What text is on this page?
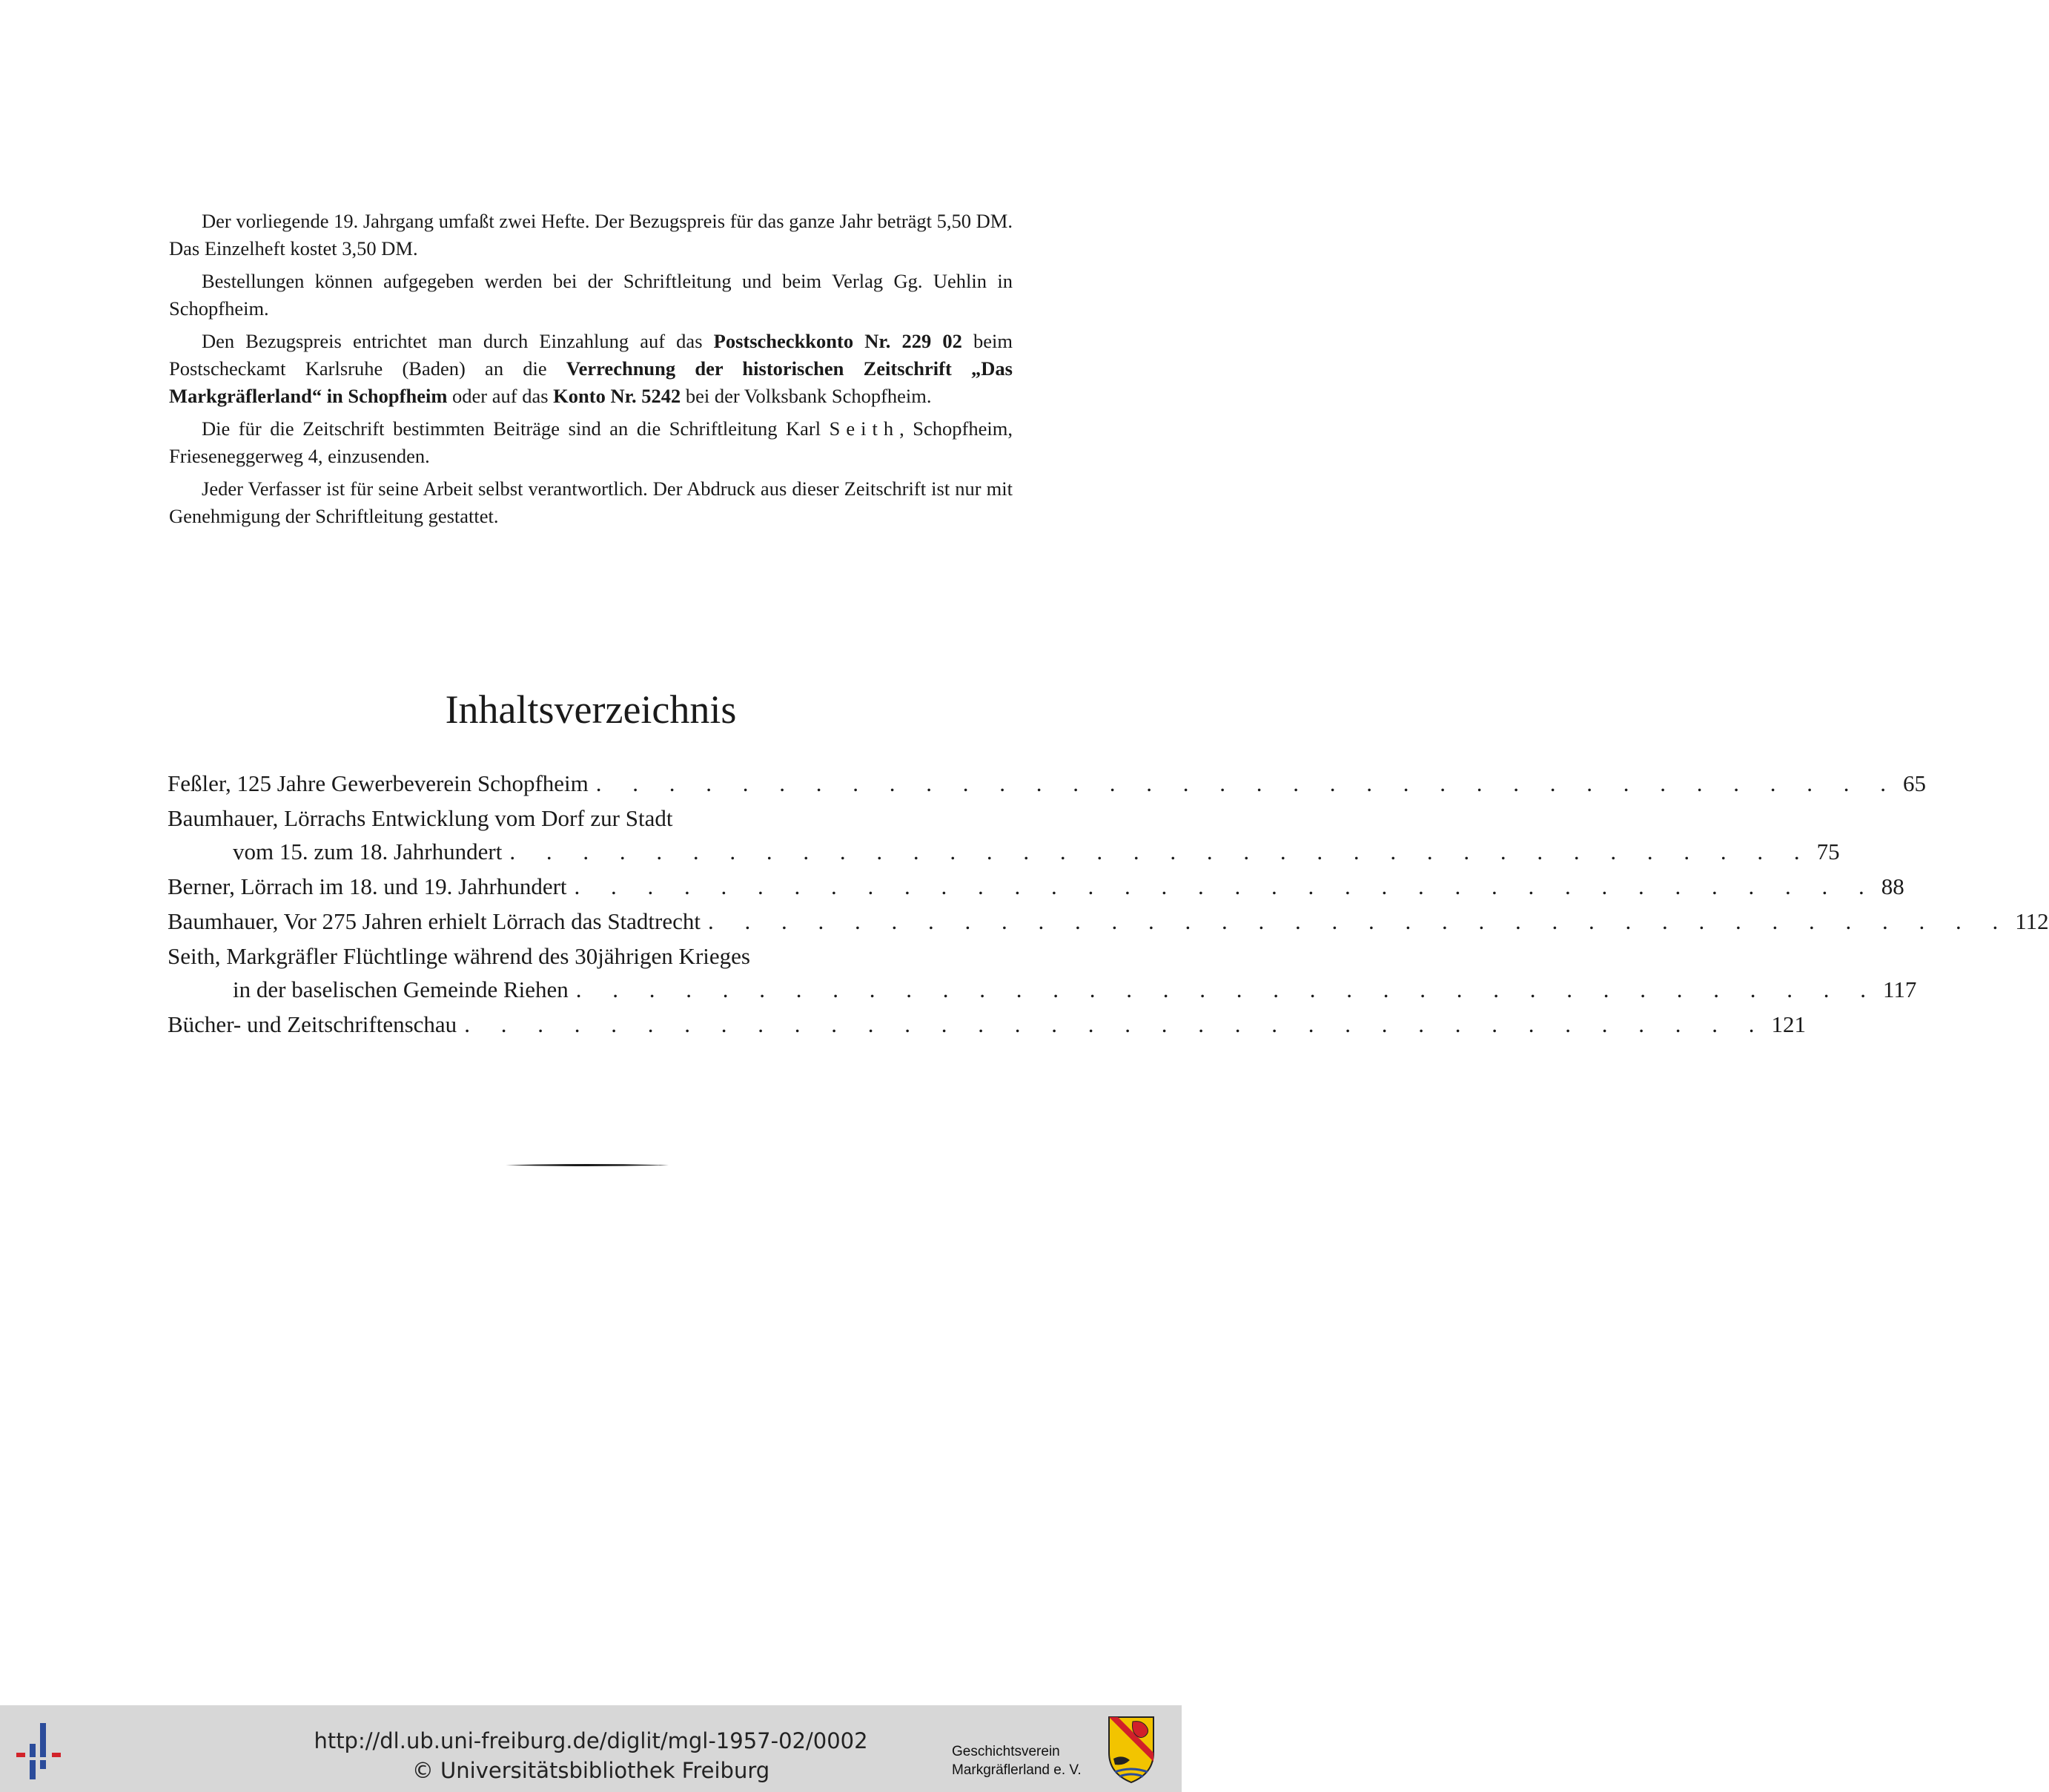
Der vorliegende 19. Jahrgang umfaßt zwei Hefte. Der Bezugspreis für das ganze Jahr beträgt 5,50 DM. Das Einzelheft kostet 3,50 DM.

Bestellungen können aufgegeben werden bei der Schriftleitung und beim Verlag Gg. Uehlin in Schopfheim.

Den Bezugspreis entrichtet man durch Einzahlung auf das Postscheckkonto Nr. 229 02 beim Postscheckamt Karlsruhe (Baden) an die Verrechnung der historischen Zeitschrift „Das Markgräflerland“ in Schopfheim oder auf das Konto Nr. 5242 bei der Volksbank Schopfheim.

Die für die Zeitschrift bestimmten Beiträge sind an die Schriftleitung Karl Seith, Schopfheim, Frieseneggerweg 4, einzusenden.

Jeder Verfasser ist für seine Arbeit selbst verantwortlich. Der Abdruck aus dieser Zeitschrift ist nur mit Genehmigung der Schriftleitung gestattet.

Inhaltsverzeichnis
Feßler, 125 Jahre Gewerbeverein Schopfheim . . . . . . . . . . . . . . . . . . . . . . . . . . . . . . . . . . . . 65
Baumhauer, Lörrachs Entwicklung vom Dorf zur Stadt
vom 15. zum 18. Jahrhundert . . . . . . . . . . . . . . . . . . . . . . . . . . . . . . . . . . . . 75
Berner, Lörrach im 18. und 19. Jahrhundert . . . . . . . . . . . . . . . . . . . . . . . . . . . . . . . . . . . . 88
Baumhauer, Vor 275 Jahren erhielt Lörrach das Stadtrecht . . . . . . . . . . . . . . . . . . . . . . . . . . . . . . . . . . . . 112
Seith, Markgräfler Flüchtlinge während des 30jährigen Krieges
in der baselischen Gemeinde Riehen . . . . . . . . . . . . . . . . . . . . . . . . . . . . . . . . . . . . 117
Bücher- und Zeitschriftenschau . . . . . . . . . . . . . . . . . . . . . . . . . . . . . . . . . . . . 121
http://dl.ub.uni-freiburg.de/diglit/mgl-1957-02/0002
© Universitätsbibliothek Freiburg
Geschichtsverein
Markgräflerland e. V.
